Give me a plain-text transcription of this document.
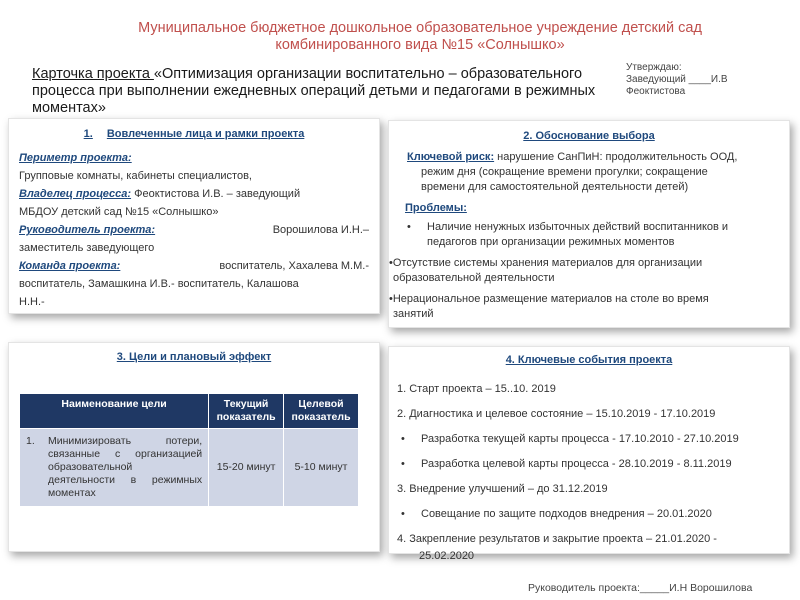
Муниципальное бюджетное дошкольное образовательное учреждение детский сад
комбинированного вида №15 «Солнышко»
Карточка проекта «Оптимизация организации воспитательно – образовательного
процесса при выполнении ежедневных операций детьми и педагогами в режимных
моментах»
Утверждаю:
Заведующий ____И.В
Феоктистова
1. Вовлеченные лица и рамки проекта
Периметр проекта:
Групповые комнаты, кабинеты специалистов,
Владелец процесса: Феоктистова И.В. – заведующий
МБДОУ детский сад №15 «Солнышко»
Руководитель проекта:	Ворошилова И.Н.–
заместитель заведующего
Команда проекта:	воспитатель, Хахалева М.М.-
воспитатель, Замашкина И.В.- воспитатель, Калашова
Н.Н.-
2. Обоснование выбора
Ключевой риск: нарушение СанПиН: продолжительность ООД,
режим дня (сокращение времени прогулки; сокращение
времени для самостоятельной деятельности детей)
Проблемы:
•	Наличие ненужных избыточных действий воспитанников и
педагогов при организации режимных моментов
•Отсутствие системы хранения материалов для организации
образовательной деятельности
•Нерациональное размещение материалов на столе во время
занятий
3. Цели и плановый эффект
Наименование цели	Текущий показатель	Целевой показатель

1. Минимизировать потери, связанные с организацией образовательной деятельности в режимных моментах	15-20 минут	5-10 минут
4. Ключевые события проекта
1. Старт проекта – 15..10. 2019
2. Диагностика и целевое состояние – 15.10.2019 - 17.10.2019
•	Разработка текущей карты процесса - 17.10.2010 - 27.10.2019
•	Разработка целевой карты процесса - 28.10.2019 - 8.11.2019
3. Внедрение улучшений – до 31.12.2019
•	Совещание по защите подходов внедрения – 20.01.2020
4. Закрепление результатов и закрытие проекта – 21.01.2020 -
25.02.2020
Руководитель проекта:_____И.Н Ворошилова
